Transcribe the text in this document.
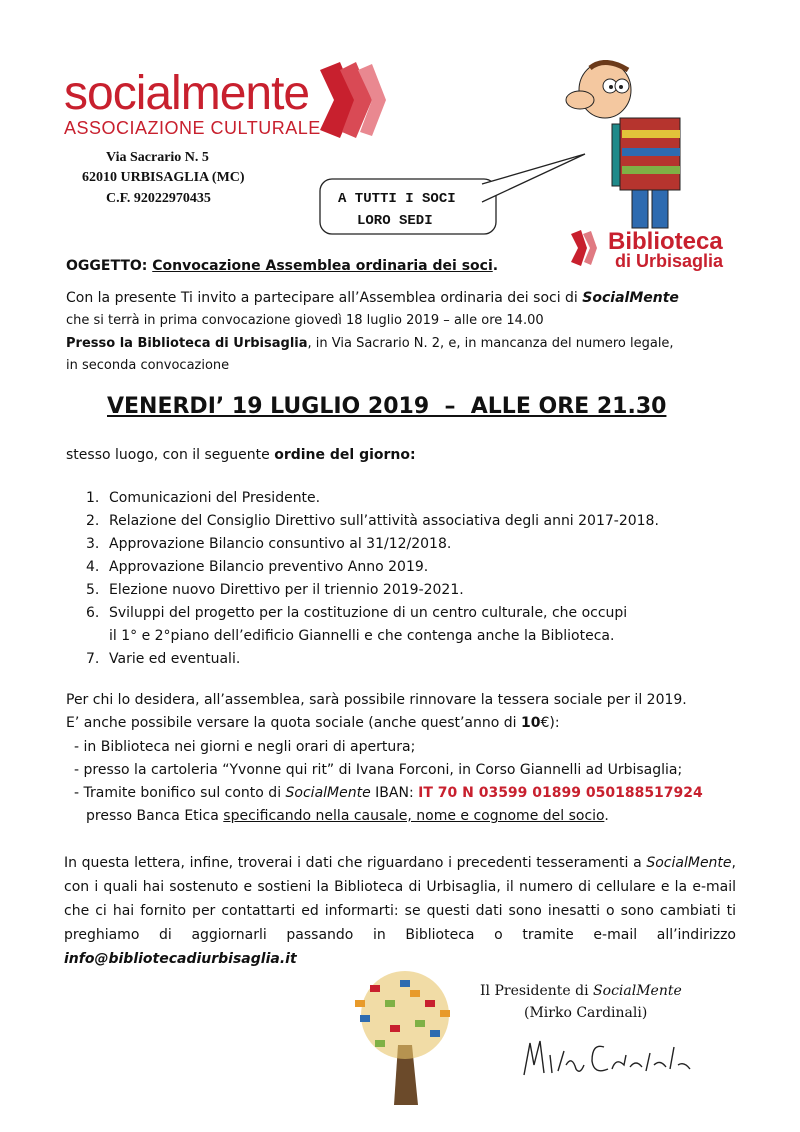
socialmente
ASSOCIAZIONE CULTURALE
Via Sacrario N. 5
62010 URBISAGLIA (MC)
C.F. 92022970435	A TUTTI I SOCI
LORO SEDI
Biblioteca
di Urbisaglia
OGGETTO: Convocazione Assemblea ordinaria dei soci.
Con la presente Ti invito a partecipare all’Assemblea ordinaria dei soci di SocialMente
che si terrà in prima convocazione giovedì 18 luglio 2019 – alle ore 14.00
Presso la Biblioteca di Urbisaglia, in Via Sacrario N. 2, e, in mancanza del numero legale,
in seconda convocazione
VENERDI’ 19 LUGLIO 2019  –  ALLE ORE 21.30
stesso luogo, con il seguente ordine del giorno:
1. Comunicazioni del Presidente.
2. Relazione del Consiglio Direttivo sull’attività associativa degli anni 2017-2018.
3. Approvazione Bilancio consuntivo al 31/12/2018.
4. Approvazione Bilancio preventivo Anno 2019.
5. Elezione nuovo Direttivo per il triennio 2019-2021.
6. Sviluppi del progetto per la costituzione di un centro culturale, che occupi
il 1° e 2°piano dell’edificio Giannelli e che contenga anche la Biblioteca.
7. Varie ed eventuali.
Per chi lo desidera, all’assemblea, sarà possibile rinnovare la tessera sociale per il 2019.
E’ anche possibile versare la quota sociale (anche quest’anno di 10€):
- in Biblioteca nei giorni e negli orari di apertura;
- presso la cartoleria “Yvonne qui rit” di Ivana Forconi, in Corso Giannelli ad Urbisaglia;
- Tramite bonifico sul conto di SocialMente IBAN: IT 70 N 03599 01899 050188517924
presso Banca Etica specificando nella causale, nome e cognome del socio.
In questa lettera, infine, troverai i dati che riguardano i precedenti tesseramenti a SocialMente, con i quali hai sostenuto e sostieni la Biblioteca di Urbisaglia, il numero di cellulare e la e-mail che ci hai fornito per contattarti ed informarti: se questi dati sono inesatti o sono cambiati ti preghiamo di aggiornarli passando in Biblioteca o tramite e-mail all’indirizzo info@bibliotecadiurbisaglia.it
Il Presidente di SocialMente
(Mirko Cardinali)
